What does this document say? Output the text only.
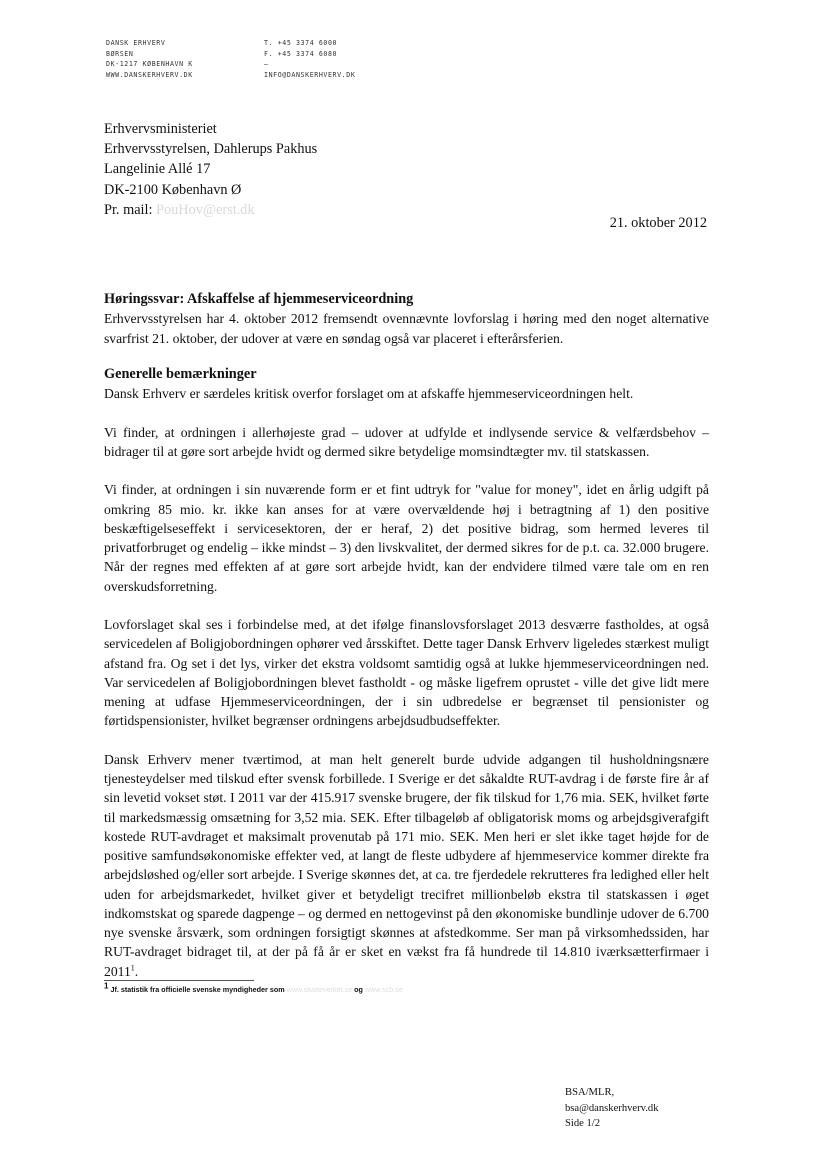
DANSK ERHVERV
BØRSEN
DK-1217 KØBENHAVN K
WWW.DANSKERHVERV.DK
T. +45 3374 6000
F. +45 3374 6080
–
INFO@DANSKERHVERV.DK
Erhvervsministeriet
Erhvervsstyrelsen, Dahlerups Pakhus
Langelinie Allé 17
DK-2100 København Ø
Pr. mail: PouHov@erst.dk
21. oktober 2012
Høringssvar: Afskaffelse af hjemmeserviceordning

Erhvervsstyrelsen har 4. oktober 2012 fremsendt ovennævnte lovforslag i høring med den noget alternative svarfrist 21. oktober, der udover at være en søndag også var placeret i efterårsferien.

Generelle bemærkninger

Dansk Erhverv er særdeles kritisk overfor forslaget om at afskaffe hjemmeserviceordningen helt.

Vi finder, at ordningen i allerhøjeste grad – udover at udfylde et indlysende service & velfærdsbehov – bidrager til at gøre sort arbejde hvidt og dermed sikre betydelige momsindtægter mv. til statskassen.

Vi finder, at ordningen i sin nuværende form er et fint udtryk for "value for money", idet en årlig udgift på omkring 85 mio. kr. ikke kan anses for at være overvældende høj i betragtning af 1) den positive beskæftigelseseffekt i servicesektoren, der er heraf, 2) det positive bidrag, som hermed leveres til privatforbruget og endelig – ikke mindst – 3) den livskvalitet, der dermed sikres for de p.t. ca. 32.000 brugere. Når der regnes med effekten af at gøre sort arbejde hvidt, kan der endvidere tilmed være tale om en ren overskudsforretning.

Lovforslaget skal ses i forbindelse med, at det ifølge finanslovsforslaget 2013 desværre fastholdes, at også servicedelen af Boligjobordningen ophører ved årsskiftet. Dette tager Dansk Erhverv ligeledes stærkest muligt afstand fra. Og set i det lys, virker det ekstra voldsomt samtidig også at lukke hjemmeserviceordningen ned. Var servicedelen af Boligjobordningen blevet fastholdt - og måske ligefrem oprustet - ville det give lidt mere mening at udfase Hjemmeserviceordningen, der i sin udbredelse er begrænset til pensionister og førtidspensionister, hvilket begrænser ordningens arbejdsudbudseffekter.

Dansk Erhverv mener tværtimod, at man helt generelt burde udvide adgangen til husholdningsnære tjenesteydelser med tilskud efter svensk forbillede. I Sverige er det såkaldte RUT-avdrag i de første fire år af sin levetid vokset støt. I 2011 var der 415.917 svenske brugere, der fik tilskud for 1,76 mia. SEK, hvilket førte til markedsmæssig omsætning for 3,52 mia. SEK. Efter tilbageløb af obligatorisk moms og arbejdsgiverafgift kostede RUT-avdraget et maksimalt provenutab på 171 mio. SEK. Men heri er slet ikke taget højde for de positive samfundsøkonomiske effekter ved, at langt de fleste udbydere af hjemmeservice kommer direkte fra arbejdsløshed og/eller sort arbejde. I Sverige skønnes det, at ca. tre fjerdedele rekrutteres fra ledighed eller helt uden for arbejdsmarkedet, hvilket giver et betydeligt trecifret millionbeløb ekstra til statskassen i øget indkomstskat og sparede dagpenge – og dermed en nettogevinst på den økonomiske bundlinje udover de 6.700 nye svenske årsværk, som ordningen forsigtigt skønnes at afstedkomme. Ser man på virksomhedssiden, har RUT-avdraget bidraget til, at der på få år er sket en vækst fra få hundrede til 14.810 iværksætterfirmaer i 2011$^1$.

1 Jf. statistik fra officielle svenske myndigheder som www.skatteverket.se og www.scb.se
BSA/MLR,
bsa@danskerhverv.dk
Side 1/2
